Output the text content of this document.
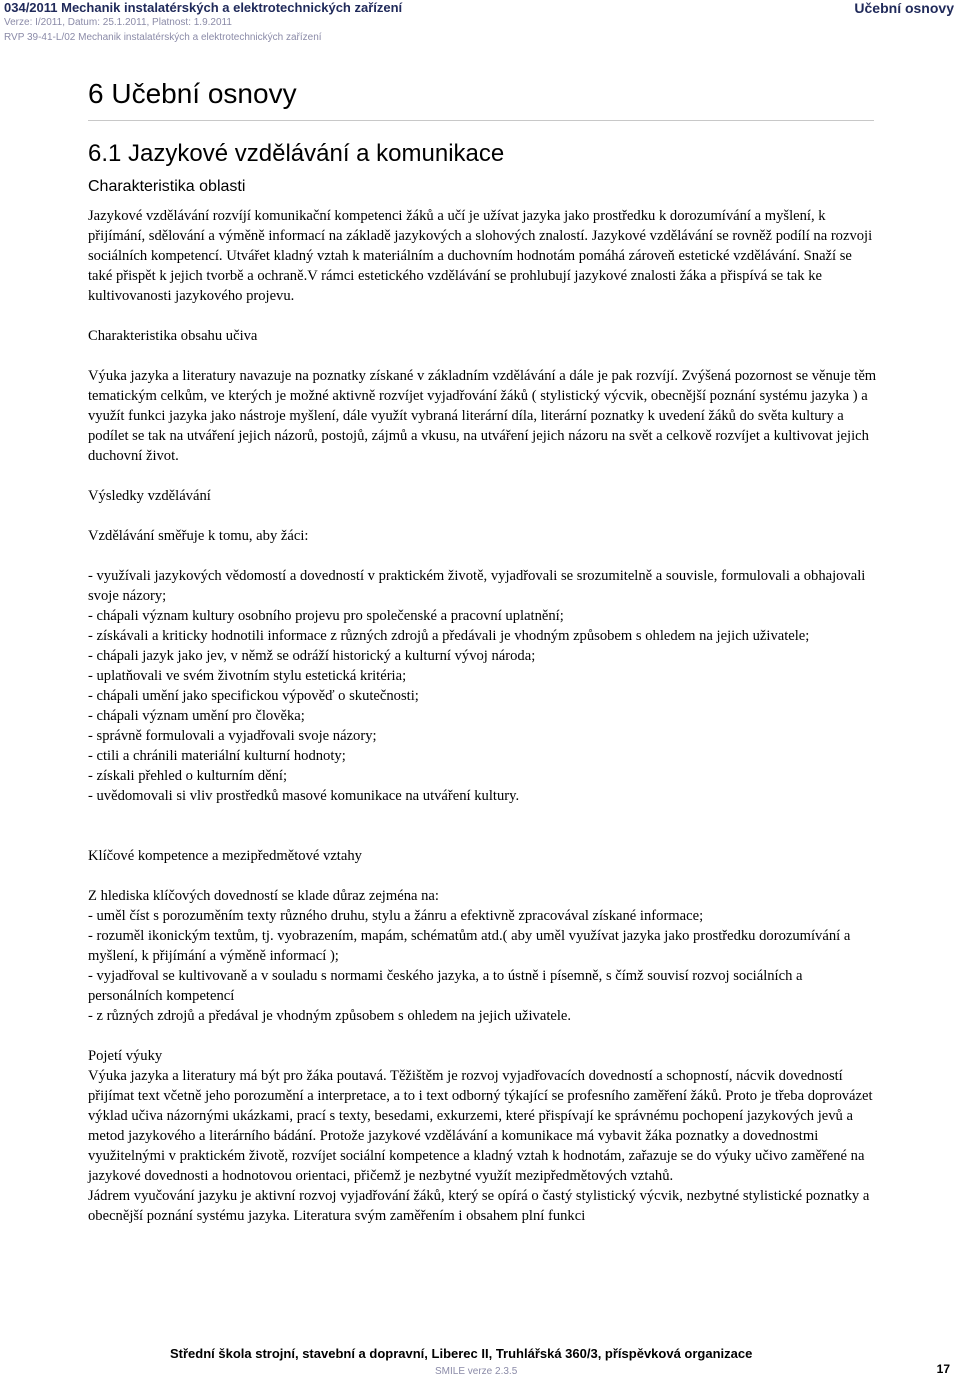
034/2011 Mechanik instalatérských a elektrotechnických zařízení
Verze: I/2011, Datum: 25.1.2011, Platnost: 1.9.2011
RVP 39-41-L/02 Mechanik instalatérských a elektrotechnických zařízení
Učební osnovy
6 Učební osnovy
6.1 Jazykové vzdělávání a komunikace
Charakteristika oblasti

Jazykové vzdělávání rozvíjí komunikační kompetenci žáků a učí je užívat jazyka jako prostředku k dorozumívání a myšlení, k přijímání, sdělování a výměně informací na základě jazykových a slohových znalostí. Jazykové vzdělávání se rovněž podílí na rozvoji sociálních kompetencí. Utvářet kladný vztah k materiálním a duchovním hodnotám pomáhá zároveň estetické vzdělávání. Snaží se také přispět k jejich tvorbě a ochraně.V rámci estetického vzdělávání se prohlubují jazykové znalosti žáka a přispívá se tak ke kultivovanosti jazykového projevu.

Charakteristika obsahu učiva

Výuka jazyka a literatury navazuje na poznatky získané v základním vzdělávání a dále je pak rozvíjí. Zvýšená pozornost se věnuje těm tematickým celkům, ve kterých je možné aktivně rozvíjet vyjadřování žáků ( stylistický výcvik, obecnější poznání systému jazyka ) a využít funkci jazyka jako nástroje myšlení, dále využít vybraná literární díla, literární poznatky k uvedení žáků do světa kultury a podílet se tak na utváření jejich názorů, postojů, zájmů a vkusu, na utváření jejich názoru na svět a celkově rozvíjet a kultivovat jejich duchovní život.

Výsledky vzdělávání

Vzdělávání směřuje k tomu, aby žáci:

- využívali jazykových vědomostí a dovedností v praktickém životě, vyjadřovali se srozumitelně a souvisle, formulovali a obhajovali svoje názory;

- chápali význam kultury osobního projevu pro společenské a pracovní uplatnění;

- získávali a kriticky hodnotili informace z různých zdrojů a předávali je vhodným způsobem s ohledem na jejich uživatele;

- chápali jazyk jako jev, v němž se odráží historický a kulturní vývoj národa;

- uplatňovali ve svém životním stylu estetická kritéria;

- chápali umění jako specifickou výpověď o skutečnosti;

- chápali význam umění pro člověka;

- správně formulovali a vyjadřovali svoje názory;

- ctili a chránili materiální kulturní hodnoty;

- získali přehled o kulturním dění;

- uvědomovali si vliv prostředků masové komunikace na utváření kultury.

Klíčové kompetence a mezipředmětové vztahy

Z hlediska klíčových dovedností se klade důraz zejména na:

- uměl číst s porozuměním texty různého druhu, stylu a žánru a efektivně zpracovával získané informace;

- rozuměl ikonickým textům, tj. vyobrazením, mapám, schématům atd.( aby uměl využívat jazyka jako prostředku dorozumívání a myšlení, k přijímání a výměně informací );

- vyjadřoval se kultivovaně a v souladu s normami českého jazyka, a to ústně i písemně, s čímž souvisí rozvoj sociálních a personálních kompetencí

- z různých zdrojů a předával je vhodným způsobem s ohledem na jejich uživatele.

Pojetí výuky

Výuka jazyka a literatury má být pro žáka poutavá. Těžištěm je rozvoj vyjadřovacích dovedností a schopností, nácvik dovedností přijímat text včetně jeho porozumění a interpretace, a to i text odborný týkající se profesního zaměření žáků. Proto je třeba doprovázet výklad učiva názornými ukázkami, prací s texty, besedami, exkurzemi, které přispívají ke správnému pochopení jazykových jevů a metod jazykového a literárního bádání. Protože jazykové vzdělávání a komunikace má vybavit žáka poznatky a dovednostmi využitelnými v praktickém životě, rozvíjet sociální kompetence a kladný vztah k hodnotám, zařazuje se do výuky učivo zaměřené na jazykové dovednosti a hodnotovou orientaci, přičemž je nezbytné využít mezipředmětových vztahů.

Jádrem vyučování jazyku je aktivní rozvoj vyjadřování žáků, který se opírá o častý stylistický výcvik, nezbytné stylistické poznatky a obecnější poznání systému jazyka. Literatura svým zaměřením i obsahem plní funkci

Střední škola strojní, stavební a dopravní, Liberec II, Truhlářská 360/3, příspěvková organizace
SMILE verze 2.3.5	17
